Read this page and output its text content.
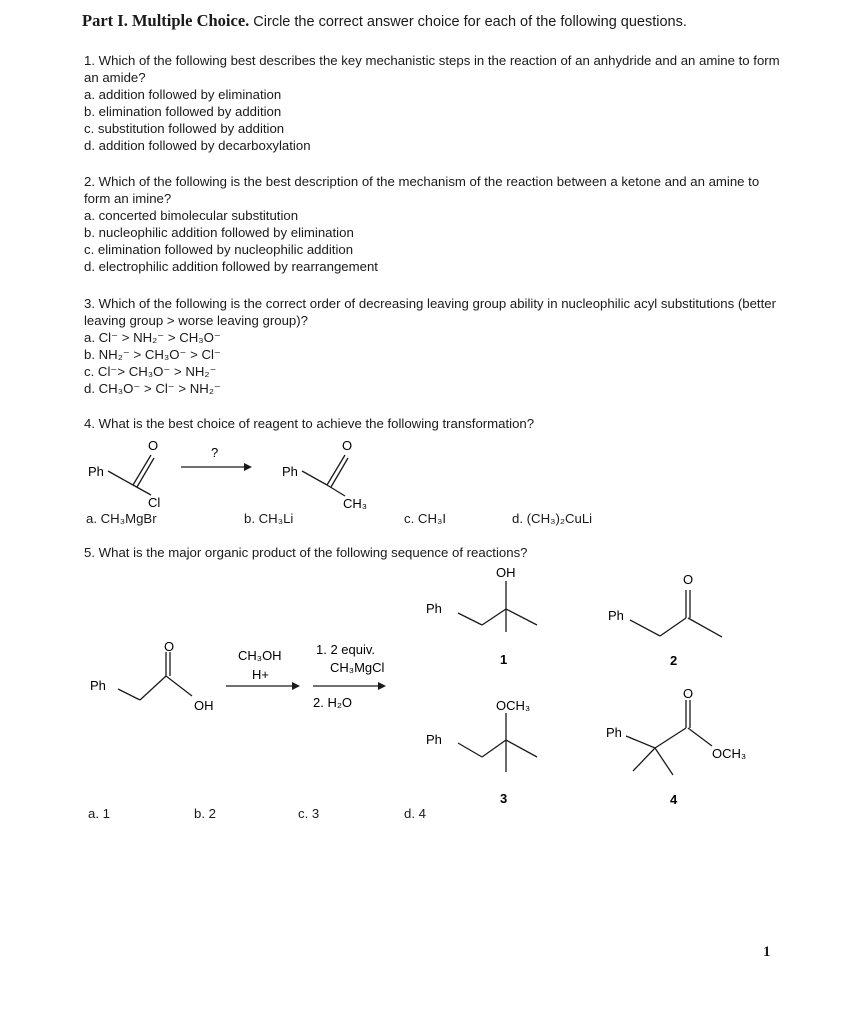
Part I. Multiple Choice. Circle the correct answer choice for each of the following questions.

1. Which of the following best describes the key mechanistic steps in the reaction of an anhydride and an amine to form an amide?

a. addition followed by elimination

b. elimination followed by addition

c. substitution followed by addition

d. addition followed by decarboxylation

2. Which of the following is the best description of the mechanism of the reaction between a ketone and an amine to form an imine?

a. concerted bimolecular substitution

b. nucleophilic addition followed by elimination

c. elimination followed by nucleophilic addition

d. electrophilic addition followed by rearrangement

3. Which of the following is the correct order of decreasing leaving group ability in nucleophilic acyl substitutions (better leaving group > worse leaving group)?

a. Cl⁻ > NH₂⁻ > CH₃O⁻

b. NH₂⁻ > CH₃O⁻ > Cl⁻

c. Cl⁻> CH₃O⁻ > NH₂⁻

d. CH₃O⁻ > Cl⁻ > NH₂⁻

4. What is the best choice of reagent to achieve the following transformation?

Ph
O
Cl
?
Ph
O
CH₃
a. CH₃MgBr	b. CH₃Li	c. CH₃I	d. (CH₃)₂CuLi

5. What is the major organic product of the following sequence of reactions?

Ph
O
OH
CH₃OH
H+
1. 2 equiv.
CH₃MgCl
2. H₂O
Ph
OH
1
Ph
O
2
Ph
OCH₃
3
Ph
O
OCH₃
4
a. 1	b. 2	c. 3	d. 4
1
